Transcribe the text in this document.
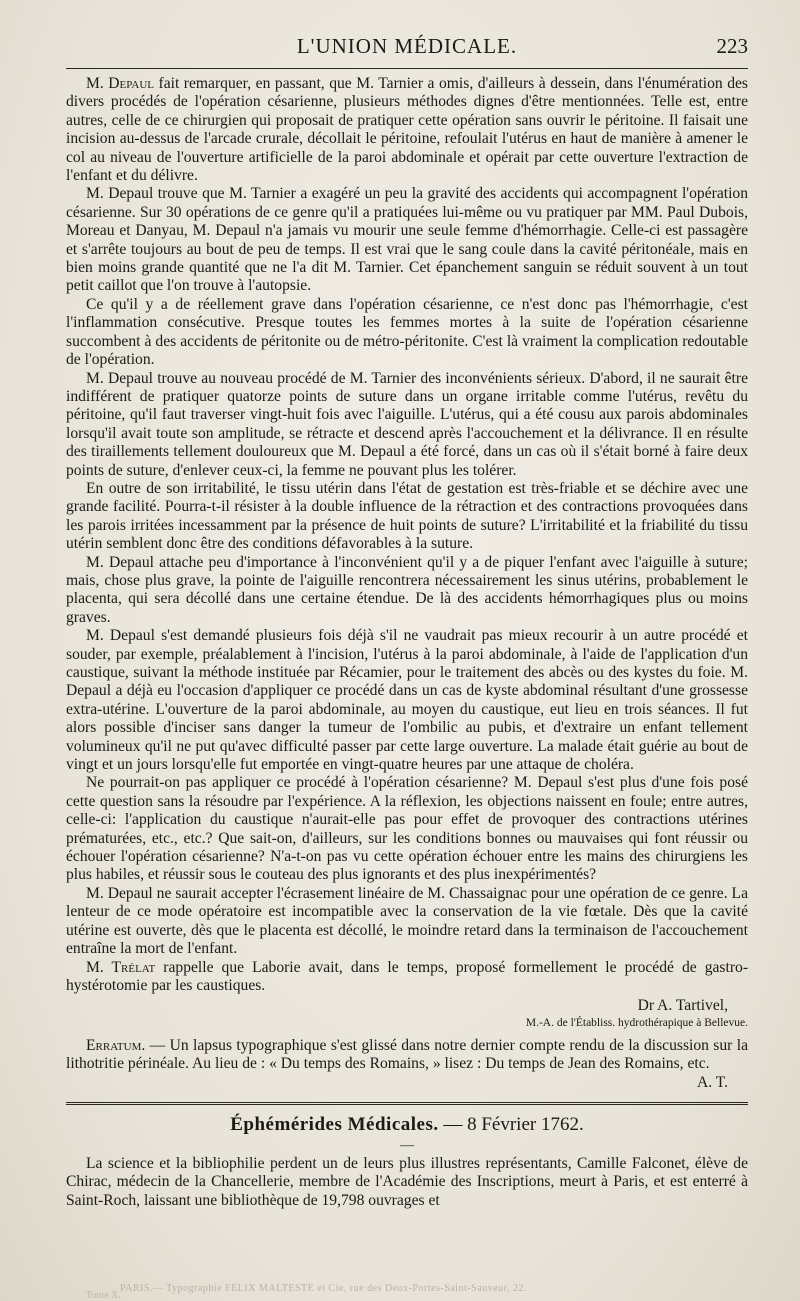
L'UNION MÉDICALE.	223

M. Depaul fait remarquer, en passant, que M. Tarnier a omis, d'ailleurs à dessein, dans l'énumération des divers procédés de l'opération césarienne, plusieurs méthodes dignes d'être mentionnées. Telle est, entre autres, celle de ce chirurgien qui proposait de pratiquer cette opération sans ouvrir le péritoine. Il faisait une incision au-dessus de l'arcade crurale, décollait le péritoine, refoulait l'utérus en haut de manière à amener le col au niveau de l'ouverture artificielle de la paroi abdominale et opérait par cette ouverture l'extraction de l'enfant et du délivre.

M. Depaul trouve que M. Tarnier a exagéré un peu la gravité des accidents qui accompagnent l'opération césarienne. Sur 30 opérations de ce genre qu'il a pratiquées lui-même ou vu pratiquer par MM. Paul Dubois, Moreau et Danyau, M. Depaul n'a jamais vu mourir une seule femme d'hémorrhagie. Celle-ci est passagère et s'arrête toujours au bout de peu de temps. Il est vrai que le sang coule dans la cavité péritonéale, mais en bien moins grande quantité que ne l'a dit M. Tarnier. Cet épanchement sanguin se réduit souvent à un tout petit caillot que l'on trouve à l'autopsie.

Ce qu'il y a de réellement grave dans l'opération césarienne, ce n'est donc pas l'hémorrhagie, c'est l'inflammation consécutive. Presque toutes les femmes mortes à la suite de l'opération césarienne succombent à des accidents de péritonite ou de métro-péritonite. C'est là vraiment la complication redoutable de l'opération.

M. Depaul trouve au nouveau procédé de M. Tarnier des inconvénients sérieux. D'abord, il ne saurait être indifférent de pratiquer quatorze points de suture dans un organe irritable comme l'utérus, revêtu du péritoine, qu'il faut traverser vingt-huit fois avec l'aiguille. L'utérus, qui a été cousu aux parois abdominales lorsqu'il avait toute son amplitude, se rétracte et descend après l'accouchement et la délivrance. Il en résulte des tiraillements tellement douloureux que M. Depaul a été forcé, dans un cas où il s'était borné à faire deux points de suture, d'enlever ceux-ci, la femme ne pouvant plus les tolérer.

En outre de son irritabilité, le tissu utérin dans l'état de gestation est très-friable et se déchire avec une grande facilité. Pourra-t-il résister à la double influence de la rétraction et des contractions provoquées dans les parois irritées incessamment par la présence de huit points de suture? L'irritabilité et la friabilité du tissu utérin semblent donc être des conditions défavorables à la suture.

M. Depaul attache peu d'importance à l'inconvénient qu'il y a de piquer l'enfant avec l'aiguille à suture; mais, chose plus grave, la pointe de l'aiguille rencontrera nécessairement les sinus utérins, probablement le placenta, qui sera décollé dans une certaine étendue. De là des accidents hémorrhagiques plus ou moins graves.

M. Depaul s'est demandé plusieurs fois déjà s'il ne vaudrait pas mieux recourir à un autre procédé et souder, par exemple, préalablement à l'incision, l'utérus à la paroi abdominale, à l'aide de l'application d'un caustique, suivant la méthode instituée par Récamier, pour le traitement des abcès ou des kystes du foie. M. Depaul a déjà eu l'occasion d'appliquer ce procédé dans un cas de kyste abdominal résultant d'une grossesse extra-utérine. L'ouverture de la paroi abdominale, au moyen du caustique, eut lieu en trois séances. Il fut alors possible d'inciser sans danger la tumeur de l'ombilic au pubis, et d'extraire un enfant tellement volumineux qu'il ne put qu'avec difficulté passer par cette large ouverture. La malade était guérie au bout de vingt et un jours lorsqu'elle fut emportée en vingt-quatre heures par une attaque de choléra.

Ne pourrait-on pas appliquer ce procédé à l'opération césarienne? M. Depaul s'est plus d'une fois posé cette question sans la résoudre par l'expérience. A la réflexion, les objections naissent en foule; entre autres, celle-ci: l'application du caustique n'aurait-elle pas pour effet de provoquer des contractions utérines prématurées, etc., etc.? Que sait-on, d'ailleurs, sur les conditions bonnes ou mauvaises qui font réussir ou échouer l'opération césarienne? N'a-t-on pas vu cette opération échouer entre les mains des chirurgiens les plus habiles, et réussir sous le couteau des plus ignorants et des plus inexpérimentés?

M. Depaul ne saurait accepter l'écrasement linéaire de M. Chassaignac pour une opération de ce genre. La lenteur de ce mode opératoire est incompatible avec la conservation de la vie fœtale. Dès que la cavité utérine est ouverte, dès que le placenta est décollé, le moindre retard dans la terminaison de l'accouchement entraîne la mort de l'enfant.

M. Trélat rappelle que Laborie avait, dans le temps, proposé formellement le procédé de gastro-hystérotomie par les caustiques.

Dr A. Tartivel,
M.-A. de l'Établiss. hydrothérapique à Bellevue.

Erratum. — Un lapsus typographique s'est glissé dans notre dernier compte rendu de la discussion sur la lithotritie périnéale. Au lieu de : « Du temps des Romains, » lisez : Du temps de Jean des Romains, etc.
A. T.

Éphémérides Médicales. — 8 Février 1762.
—

La science et la bibliophilie perdent un de leurs plus illustres représentants, Camille Falconet, élève de Chirac, médecin de la Chancellerie, membre de l'Académie des Inscriptions, meurt à Paris, et est enterré à Saint-Roch, laissant une bibliothèque de 19,798 ouvrages et

PARIS.— Typographie FÉLIX MALTESTE et Cie, rue des Deux-Portes-Saint-Sauveur, 22.
Tome X.
